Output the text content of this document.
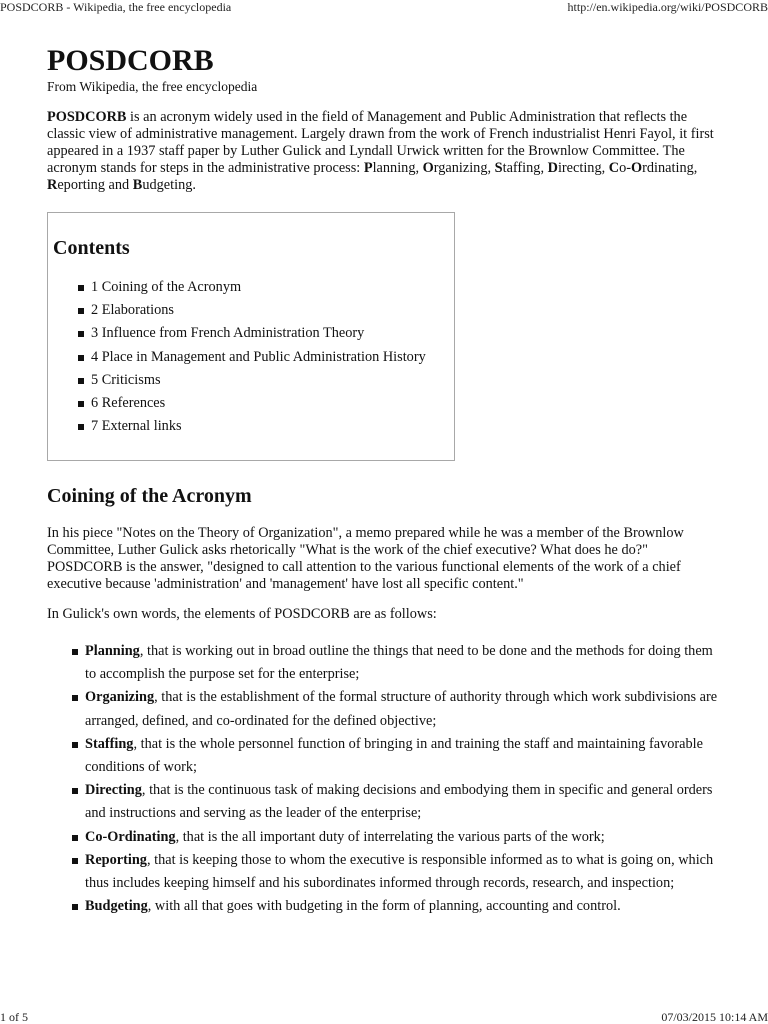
POSDCORB - Wikipedia, the free encyclopedia	http://en.wikipedia.org/wiki/POSDCORB
POSDCORB
From Wikipedia, the free encyclopedia

POSDCORB is an acronym widely used in the field of Management and Public Administration that reflects the classic view of administrative management. Largely drawn from the work of French industrialist Henri Fayol, it first appeared in a 1937 staff paper by Luther Gulick and Lyndall Urwick written for the Brownlow Committee. The acronym stands for steps in the administrative process: Planning, Organizing, Staffing, Directing, Co-Ordinating, Reporting and Budgeting.

Contents
1 Coining of the Acronym
2 Elaborations
3 Influence from French Administration Theory
4 Place in Management and Public Administration History
5 Criticisms
6 References
7 External links
Coining of the Acronym

In his piece "Notes on the Theory of Organization", a memo prepared while he was a member of the Brownlow Committee, Luther Gulick asks rhetorically "What is the work of the chief executive? What does he do?" POSDCORB is the answer, "designed to call attention to the various functional elements of the work of a chief executive because 'administration' and 'management' have lost all specific content."

In Gulick's own words, the elements of POSDCORB are as follows:

Planning, that is working out in broad outline the things that need to be done and the methods for doing them to accomplish the purpose set for the enterprise;
Organizing, that is the establishment of the formal structure of authority through which work subdivisions are arranged, defined, and co-ordinated for the defined objective;
Staffing, that is the whole personnel function of bringing in and training the staff and maintaining favorable conditions of work;
Directing, that is the continuous task of making decisions and embodying them in specific and general orders and instructions and serving as the leader of the enterprise;
Co-Ordinating, that is the all important duty of interrelating the various parts of the work;
Reporting, that is keeping those to whom the executive is responsible informed as to what is going on, which thus includes keeping himself and his subordinates informed through records, research, and inspection;
Budgeting, with all that goes with budgeting in the form of planning, accounting and control.
1 of 5	07/03/2015 10:14 AM
